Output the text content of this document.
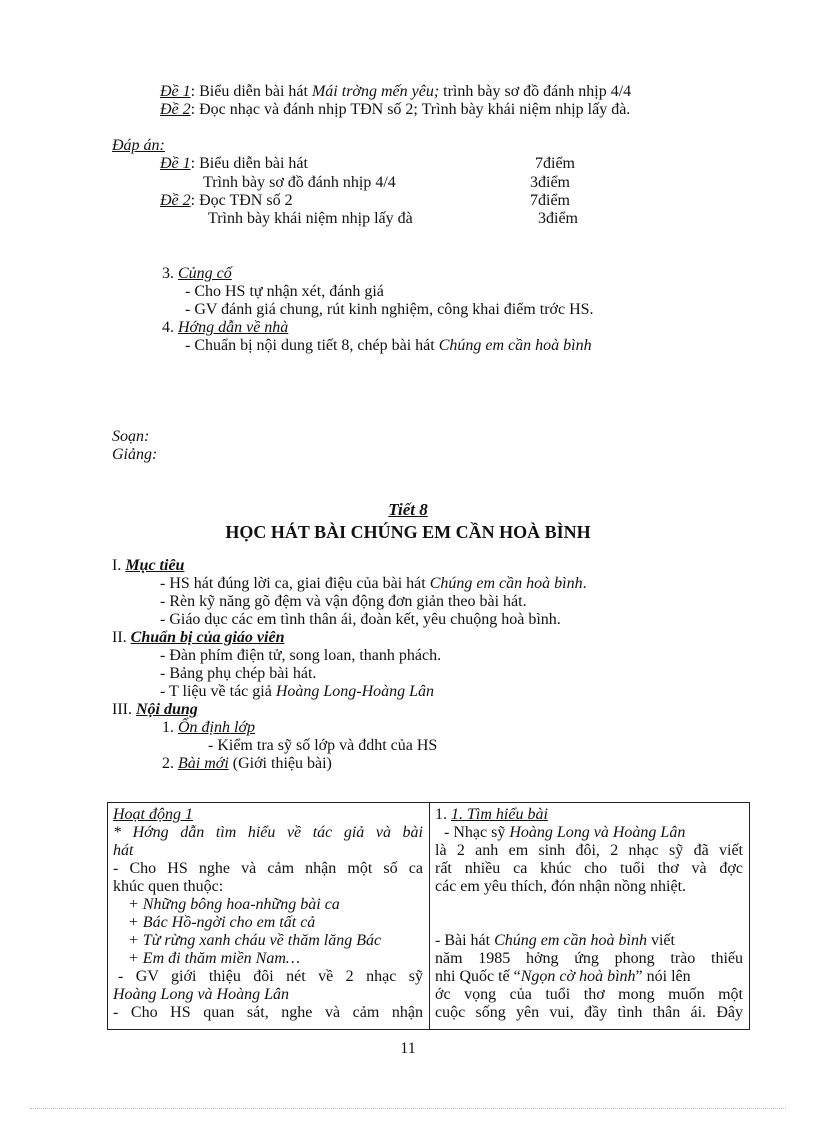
Đề 1: Biểu diễn bài hát Mái trờng mến yêu; trình bày sơ đồ đánh nhịp 4/4
Đề 2: Đọc nhạc và đánh nhịp TĐN số 2; Trình bày khái niệm nhịp lấy đà.
Đáp án:
Đề 1: Biểu diễn bài hát	7điểm
Trình bày sơ đồ đánh nhịp 4/4	3điểm
Đề 2: Đọc TĐN số 2	7điểm
Trình bày khái niệm nhịp lấy đà	3điểm
3. Củng cố
- Cho HS tự nhận xét, đánh giá
- GV đánh giá chung, rút kinh nghiệm, công khai điểm trớc HS.
4. Hớng dẫn về nhà
- Chuẩn bị nội dung tiết 8, chép bài hát Chúng em cần hoà bình
Soạn:
Giảng:
Tiết 8
HỌC HÁT BÀI CHÚNG EM CẦN HOÀ BÌNH
I. Mục tiêu
- HS hát đúng lời ca, giai điệu của bài hát Chúng em cần hoà bình.
- Rèn kỹ năng gõ đệm và vận động đơn giản theo bài hát.
- Giáo dục các em tình thân ái, đoàn kết, yêu chuộng hoà bình.
II. Chuẩn bị của giáo viên
- Đàn phím điện tử, song loan, thanh phách.
- Bảng phụ chép bài hát.
- T liệu về tác giả Hoàng Long-Hoàng Lân
III. Nội dung
1. Ổn định lớp
- Kiểm tra sỹ số lớp và đdht của HS
2. Bài mới (Giới thiệu bài)
Hoạt động 1
* Hớng dẫn tìm hiểu về tác giả và bài
hát
- Cho HS nghe và cảm nhận một số ca
khúc quen thuộc:
+ Những bông hoa-những bài ca
+ Bác Hồ-ngời cho em tất cả
+ Từ rừng xanh cháu về thăm lăng Bác
+ Em đi thăm miền Nam…
- GV giới thiệu đôi nét về 2 nhạc sỹ
Hoàng Long và Hoàng Lân
- Cho HS quan sát, nghe và cảm nhận

1. 1. Tìm hiểu bài
- Nhạc sỹ Hoàng Long và Hoàng Lân
là 2 anh em sinh đôi, 2 nhạc sỹ đã viết
rất nhiều ca khúc cho tuổi thơ và đợc
các em yêu thích, đón nhận nồng nhiệt.
- Bài hát Chúng em cần hoà bình viết
năm 1985 hởng ứng phong trào thiếu
nhi Quốc tế “Ngọn cờ hoà bình” nói lên
ớc vọng của tuổi thơ mong muốn một
cuộc sống yên vui, đầy tình thân ái. Đây
11
